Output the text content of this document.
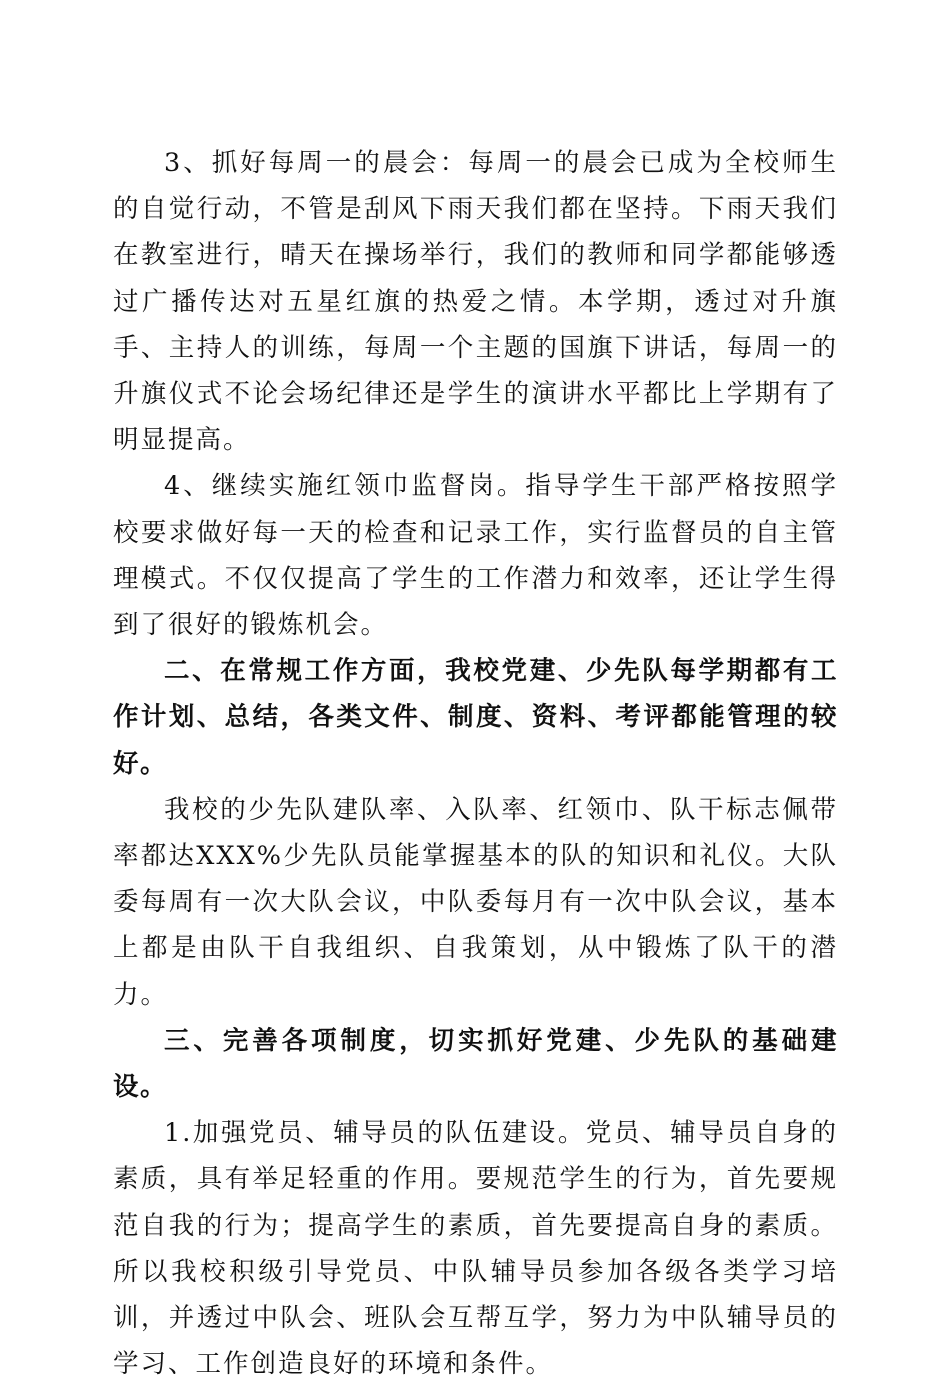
3、抓好每周一的晨会：每周一的晨会已成为全校师生的自觉行动，不管是刮风下雨天我们都在坚持。下雨天我们在教室进行，晴天在操场举行，我们的教师和同学都能够透过广播传达对五星红旗的热爱之情。本学期，透过对升旗手、主持人的训练，每周一个主题的国旗下讲话，每周一的升旗仪式不论会场纪律还是学生的演讲水平都比上学期有了明显提高。

4、继续实施红领巾监督岗。指导学生干部严格按照学校要求做好每一天的检查和记录工作，实行监督员的自主管理模式。不仅仅提高了学生的工作潜力和效率，还让学生得到了很好的锻炼机会。

二、在常规工作方面，我校党建、少先队每学期都有工作计划、总结，各类文件、制度、资料、考评都能管理的较好。

我校的少先队建队率、入队率、红领巾、队干标志佩带率都达XXX%少先队员能掌握基本的队的知识和礼仪。大队委每周有一次大队会议，中队委每月有一次中队会议，基本上都是由队干自我组织、自我策划，从中锻炼了队干的潜力。

三、完善各项制度，切实抓好党建、少先队的基础建设。

1.加强党员、辅导员的队伍建设。党员、辅导员自身的素质，具有举足轻重的作用。要规范学生的行为，首先要规范自我的行为；提高学生的素质，首先要提高自身的素质。所以我校积级引导党员、中队辅导员参加各级各类学习培训，并透过中队会、班队会互帮互学，努力为中队辅导员的学习、工作创造良好的环境和条件。
